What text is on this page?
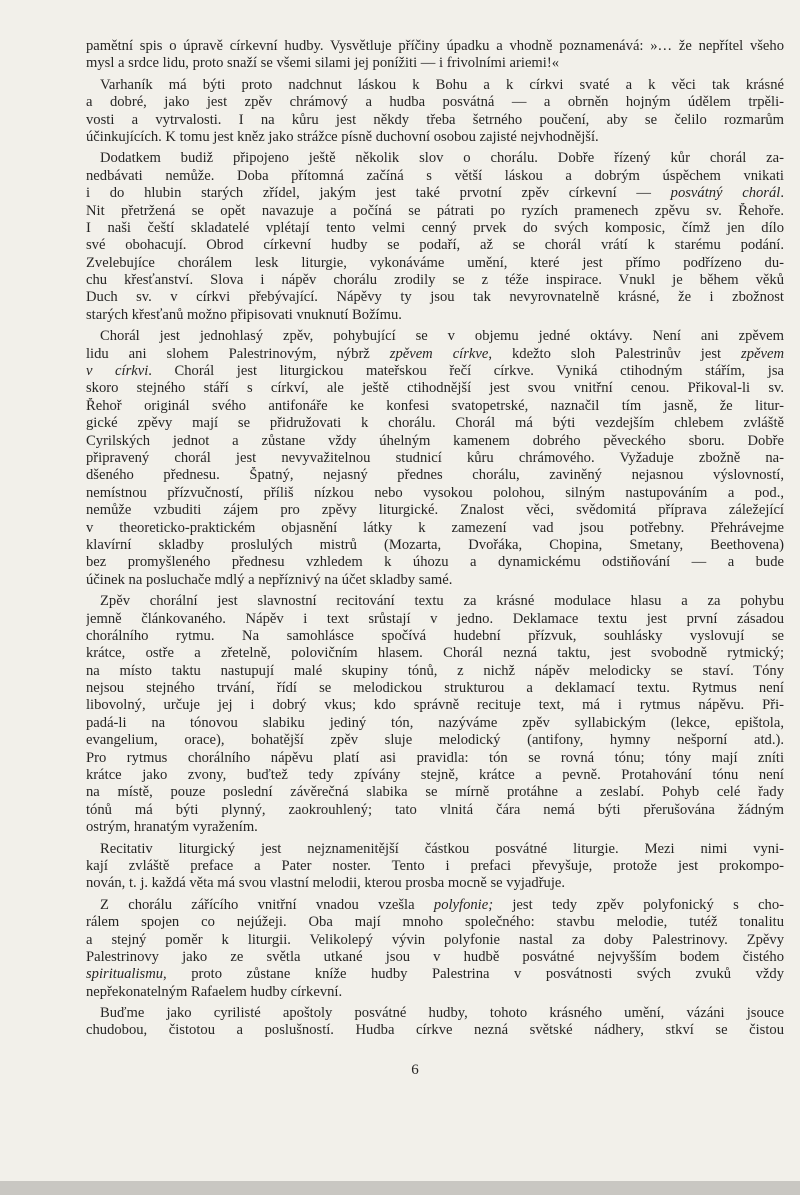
pamětní spis o úpravě církevní hudby. Vysvětluje příčiny úpadku a vhodně poznamenává: »… že nepřítel všeho
mysl a srdce lidu, proto snaží se všemi silami jej ponížiti — i frivolními ariemi!«
Varhaník má býti proto nadchnut láskou k Bohu a k církvi svaté a k věci tak krásné
a dobré, jako jest zpěv chrámový a hudba posvátná — a obrněn hojným údělem trpěli-
vosti a vytrvalosti. I na kůru jest někdy třeba šetrného poučení, aby se čelilo rozmarům
účinkujících. K tomu jest kněz jako strážce písně duchovní osobou zajisté nejvhodnější.
Dodatkem budiž připojeno ještě několik slov o chorálu. Dobře řízený kůr chorál za-
nedbávati nemůže. Doba přítomná začíná s větší láskou a dobrým úspěchem vnikati
i do hlubin starých zřídel, jakým jest také prvotní zpěv církevní — posvátný chorál.
Nit přetržená se opět navazuje a počíná se pátrati po ryzích pramenech zpěvu sv. Řehoře.
I naši čeští skladatelé vplétají tento velmi cenný prvek do svých komposic, čímž jen dílo
své obohacují. Obrod církevní hudby se podaří, až se chorál vrátí k starému podání.
Zvelebujíce chorálem lesk liturgie, vykonáváme umění, které jest přímo podřízeno du-
chu křesťanství. Slova i nápěv chorálu zrodily se z téže inspirace. Vnukl je během věků
Duch sv. v církvi přebývající. Nápěvy ty jsou tak nevyrovnatelně krásné, že i zbožnost
starých křesťanů možno připisovati vnuknutí Božímu.
Chorál jest jednohlasý zpěv, pohybující se v objemu jedné oktávy. Není ani zpěvem
lidu ani slohem Palestrinovým, nýbrž zpěvem církve, kdežto sloh Palestrinův jest zpěvem
v církvi. Chorál jest liturgickou mateřskou řečí církve. Vyniká ctihodným stářím, jsa
skoro stejného stáří s církví, ale ještě ctihodnější jest svou vnitřní cenou. Přikoval-li sv.
Řehoř originál svého antifonáře ke konfesi svatopetrské, naznačil tím jasně, že litur-
gické zpěvy mají se přidružovati k chorálu. Chorál má býti vezdejším chlebem zvláště
Cyrilských jednot a zůstane vždy úhelným kamenem dobrého pěveckého sboru. Dobře
připravený chorál jest nevyvažitelnou studnicí kůru chrámového. Vyžaduje zbožně na-
dšeného přednesu. Špatný, nejasný přednes chorálu, zaviněný nejasnou výslovností,
nemístnou přízvučností, příliš nízkou nebo vysokou polohou, silným nastupováním a pod.,
nemůže vzbuditi zájem pro zpěvy liturgické. Znalost věci, svědomitá příprava záležející
v theoreticko-praktickém objasnění látky k zamezení vad jsou potřebny. Přehrávejme
klavírní skladby proslulých mistrů (Mozarta, Dvořáka, Chopina, Smetany, Beethovena)
bez promyšleného přednesu vzhledem k úhozu a dynamickému odstiňování — a bude
účinek na posluchače mdlý a nepříznivý na účet skladby samé.
Zpěv chorální jest slavnostní recitování textu za krásné modulace hlasu a za pohybu
jemně článkovaného. Nápěv i text srůstají v jedno. Deklamace textu jest první zásadou
chorálního rytmu. Na samohlásce spočívá hudební přízvuk, souhlásky vyslovují se
krátce, ostře a zřetelně, polovičním hlasem. Chorál nezná taktu, jest svobodně rytmický;
na místo taktu nastupují malé skupiny tónů, z nichž nápěv melodicky se staví. Tóny
nejsou stejného trvání, řídí se melodickou strukturou a deklamací textu. Rytmus není
libovolný, určuje jej i dobrý vkus; kdo správně recituje text, má i rytmus nápěvu. Při-
padá-li na tónovou slabiku jediný tón, nazýváme zpěv syllabickým (lekce, epištola,
evangelium, orace), bohatější zpěv sluje melodický (antifony, hymny nešporní atd.).
Pro rytmus chorálního nápěvu platí asi pravidla: tón se rovná tónu; tóny mají zníti
krátce jako zvony, buďtež tedy zpívány stejně, krátce a pevně. Protahování tónu není
na místě, pouze poslední závěrečná slabika se mírně protáhne a zeslabí. Pohyb celé řady
tónů má býti plynný, zaokrouhlený; tato vlnitá čára nemá býti přerušována žádným
ostrým, hranatým vyražením.
Recitativ liturgický jest nejznamenitější částkou posvátné liturgie. Mezi nimi vyni-
kají zvláště preface a Pater noster. Tento i prefaci převyšuje, protože jest prokompo-
nován, t. j. každá věta má svou vlastní melodii, kterou prosba mocně se vyjadřuje.
Z chorálu zářícího vnitřní vnadou vzešla polyfonie; jest tedy zpěv polyfonický s cho-
rálem spojen co nejúžeji. Oba mají mnoho společného: stavbu melodie, tutéž tonalitu
a stejný poměr k liturgii. Velikolepý vývin polyfonie nastal za doby Palestrinovy. Zpěvy
Palestrinovy jako ze světla utkané jsou v hudbě posvátné nejvyšším bodem čistého
spiritualismu, proto zůstane kníže hudby Palestrina v posvátnosti svých zvuků vždy
nepřekonatelným Rafaelem hudby církevní.
Buďme jako cyrilisté apoštoly posvátné hudby, tohoto krásného umění, vázáni jsouce
chudobou, čistotou a poslušností. Hudba církve nezná světské nádhery, stkví se čistou
6
